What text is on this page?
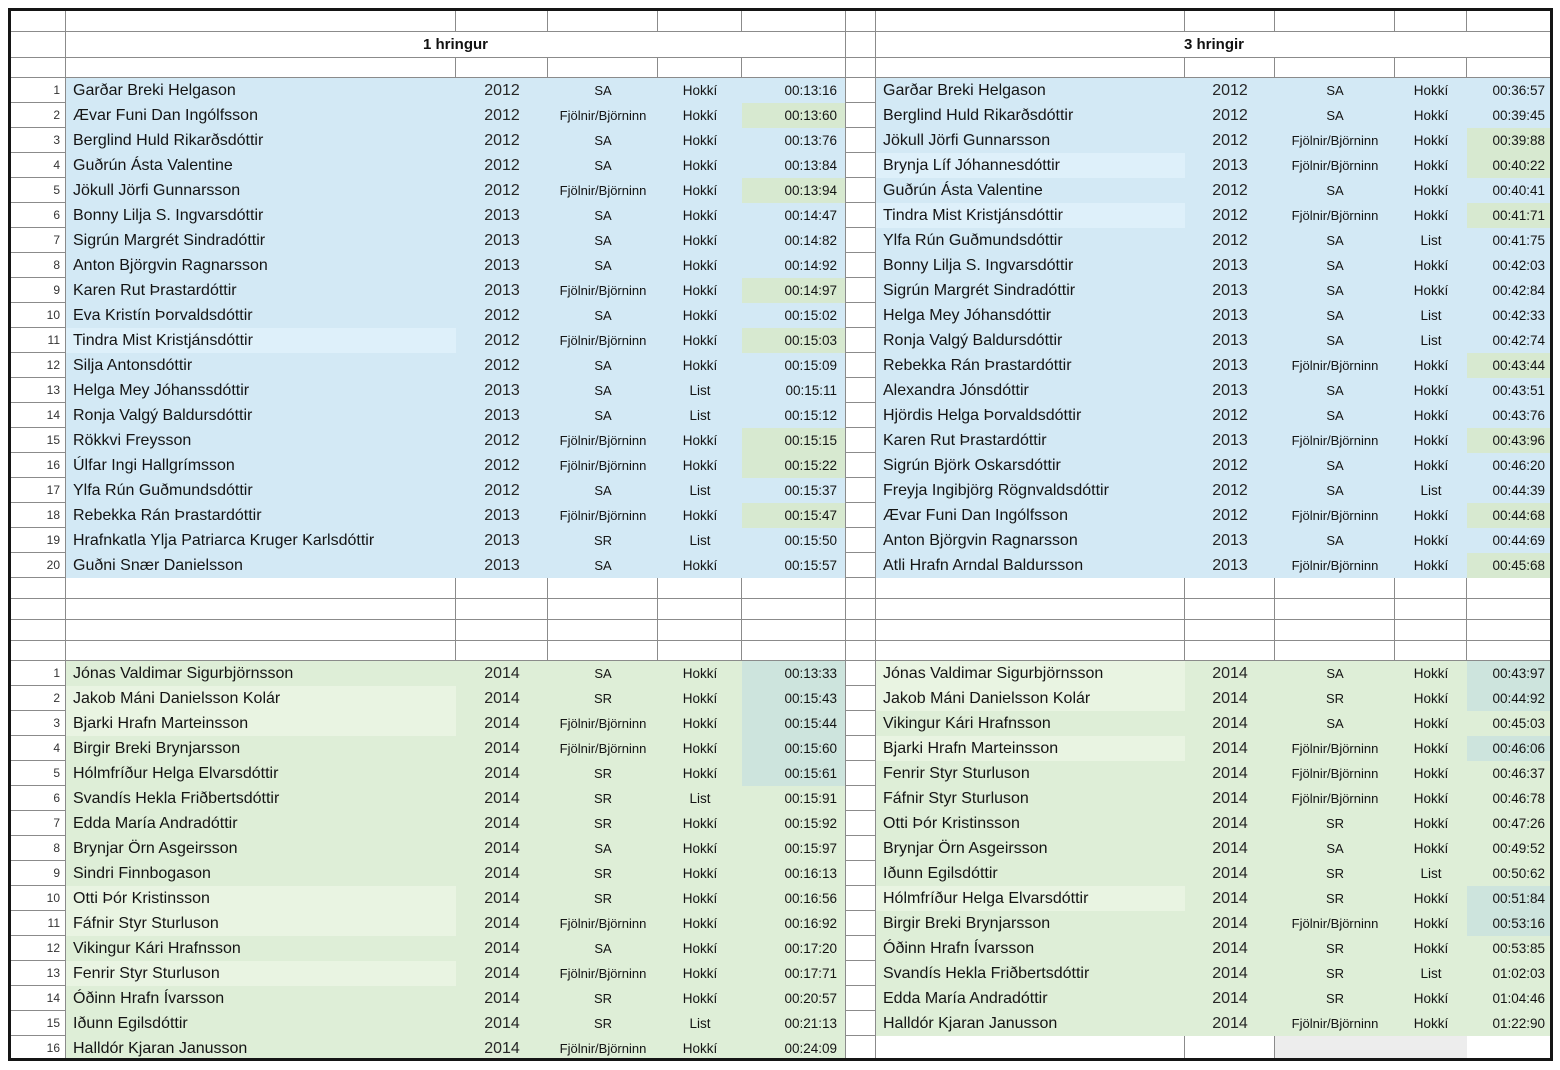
1 hringur	3 hringir
1 Garðar Breki Helgason	2012	SA	Hokkí	00:13:16
2 Ævar Funi Dan Ingólfsson	2012	Fjölnir/Björninn	Hokkí	00:13:60
3 Berglind Huld Rikarðsdóttir	2012	SA	Hokkí	00:13:76
4 Guðrún Ásta Valentine	2012	SA	Hokkí	00:13:84
5 Jökull Jörfi Gunnarsson	2012	Fjölnir/Björninn	Hokkí	00:13:94
6 Bonny Lilja S. Ingvarsdóttir	2013	SA	Hokkí	00:14:47
7 Sigrún Margrét Sindradóttir	2013	SA	Hokkí	00:14:82
8 Anton Björgvin Ragnarsson	2013	SA	Hokkí	00:14:92
9 Karen Rut Þrastardóttir	2013	Fjölnir/Björninn	Hokkí	00:14:97
10 Eva Kristín Þorvaldsdóttir	2012	SA	Hokkí	00:15:02
11 Tindra Mist Kristjánsdóttir	2012	Fjölnir/Björninn	Hokkí	00:15:03
12 Silja Antonsdóttir	2012	SA	Hokkí	00:15:09
13 Helga Mey Jóhanssdóttir	2013	SA	List	00:15:11
14 Ronja Valgý Baldursdóttir	2013	SA	List	00:15:12
15 Rökkvi Freysson	2012	Fjölnir/Björninn	Hokkí	00:15:15
16 Úlfar Ingi Hallgrímsson	2012	Fjölnir/Björninn	Hokkí	00:15:22
17 Ylfa Rún Guðmundsdóttir	2012	SA	List	00:15:37
18 Rebekka Rán Þrastardóttir	2013	Fjölnir/Björninn	Hokkí	00:15:47
19 Hrafnkatla Ylja Patriarca Kruger Karlsdóttir	2013	SR	List	00:15:50
20 Guðni Snær Danielsson	2013	SA	Hokkí	00:15:57
Garðar Breki Helgason	2012	SA	Hokkí	00:36:57
Berglind Huld Rikarðsdóttir	2012	SA	Hokkí	00:39:45
Jökull Jörfi Gunnarsson	2012	Fjölnir/Björninn	Hokkí	00:39:88
Brynja Líf Jóhannesdóttir	2013	Fjölnir/Björninn	Hokkí	00:40:22
Guðrún Ásta Valentine	2012	SA	Hokkí	00:40:41
Tindra Mist Kristjánsdóttir	2012	Fjölnir/Björninn	Hokkí	00:41:71
Ylfa Rún Guðmundsdóttir	2012	SA	List	00:41:75
Bonny Lilja S. Ingvarsdóttir	2013	SA	Hokkí	00:42:03
Sigrún Margrét Sindradóttir	2013	SA	Hokkí	00:42:84
Helga Mey Jóhansdóttir	2013	SA	List	00:42:33
Ronja Valgý Baldursdóttir	2013	SA	List	00:42:74
Rebekka Rán Þrastardóttir	2013	Fjölnir/Björninn	Hokkí	00:43:44
Alexandra Jónsdóttir	2013	SA	Hokkí	00:43:51
Hjördis Helga Þorvaldsdóttir	2012	SA	Hokkí	00:43:76
Karen Rut Þrastardóttir	2013	Fjölnir/Björninn	Hokkí	00:43:96
Sigrún Björk Oskarsdóttir	2012	SA	Hokkí	00:46:20
Freyja Ingibjörg Rögnvaldsdóttir	2012	SA	List	00:44:39
Ævar Funi Dan Ingólfsson	2012	Fjölnir/Björninn	Hokkí	00:44:68
Anton Björgvin Ragnarsson	2013	SA	Hokkí	00:44:69
Atli Hrafn Arndal Baldursson	2013	Fjölnir/Björninn	Hokkí	00:45:68
1 Jónas Valdimar Sigurbjörnsson	2014	SA	Hokkí	00:13:33
2 Jakob Máni Danielsson Kolár	2014	SR	Hokkí	00:15:43
3 Bjarki Hrafn Marteinsson	2014	Fjölnir/Björninn	Hokkí	00:15:44
4 Birgir Breki Brynjarsson	2014	Fjölnir/Björninn	Hokkí	00:15:60
5 Hólmfríður Helga Elvarsdóttir	2014	SR	Hokkí	00:15:61
6 Svandís Hekla Friðbertsdóttir	2014	SR	List	00:15:91
7 Edda María Andradóttir	2014	SR	Hokkí	00:15:92
8 Brynjar Örn Asgeirsson	2014	SA	Hokkí	00:15:97
9 Sindri Finnbogason	2014	SR	Hokkí	00:16:13
10 Otti Þór Kristinsson	2014	SR	Hokkí	00:16:56
11 Fáfnir Styr Sturluson	2014	Fjölnir/Björninn	Hokkí	00:16:92
12 Vikingur Kári Hrafnsson	2014	SA	Hokkí	00:17:20
13 Fenrir Styr Sturluson	2014	Fjölnir/Björninn	Hokkí	00:17:71
14 Óðinn Hrafn Ívarsson	2014	SR	Hokkí	00:20:57
15 Iðunn Egilsdóttir	2014	SR	List	00:21:13
16 Halldór Kjaran Janusson	2014	Fjölnir/Björninn	Hokkí	00:24:09
Jónas Valdimar Sigurbjörnsson	2014	SA	Hokkí	00:43:97
Jakob Máni Danielsson Kolár	2014	SR	Hokkí	00:44:92
Vikingur Kári Hrafnsson	2014	SA	Hokkí	00:45:03
Bjarki Hrafn Marteinsson	2014	Fjölnir/Björninn	Hokkí	00:46:06
Fenrir Styr Sturluson	2014	Fjölnir/Björninn	Hokkí	00:46:37
Fáfnir Styr Sturluson	2014	Fjölnir/Björninn	Hokkí	00:46:78
Otti Þór Kristinsson	2014	SR	Hokkí	00:47:26
Brynjar Örn Asgeirsson	2014	SA	Hokkí	00:49:52
Iðunn Egilsdóttir	2014	SR	List	00:50:62
Hólmfríður Helga Elvarsdóttir	2014	SR	Hokkí	00:51:84
Birgir Breki Brynjarsson	2014	Fjölnir/Björninn	Hokkí	00:53:16
Óðinn Hrafn Ívarsson	2014	SR	Hokkí	00:53:85
Svandís Hekla Friðbertsdóttir	2014	SR	List	01:02:03
Edda María Andradóttir	2014	SR	Hokkí	01:04:46
Halldór Kjaran Janusson	2014	Fjölnir/Björninn	Hokkí	01:22:90
